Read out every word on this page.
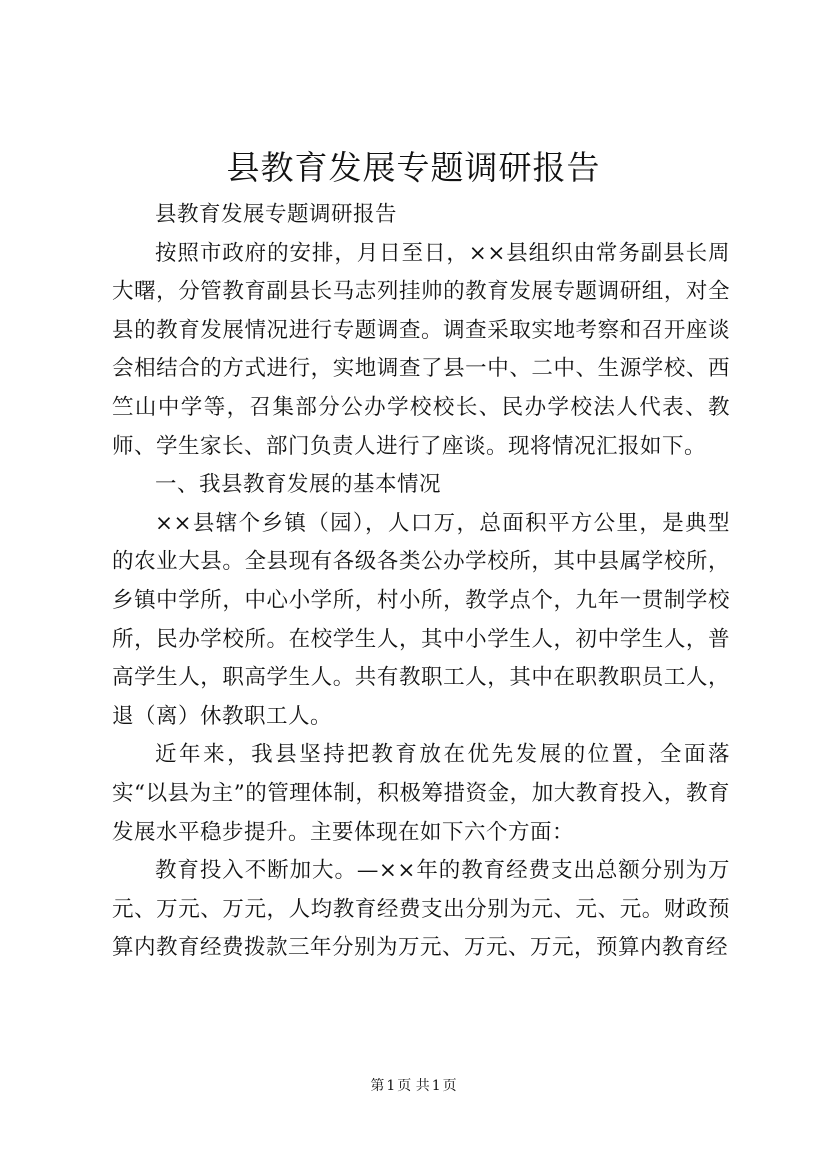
县教育发展专题调研报告

县教育发展专题调研报告

按照市政府的安排，月日至日，××县组织由常务副县长周大曙，分管教育副县长马志列挂帅的教育发展专题调研组，对全县的教育发展情况进行专题调查。调查采取实地考察和召开座谈会相结合的方式进行，实地调查了县一中、二中、生源学校、西竺山中学等，召集部分公办学校校长、民办学校法人代表、教师、学生家长、部门负责人进行了座谈。现将情况汇报如下。

一、我县教育发展的基本情况

××县辖个乡镇（园），人口万，总面积平方公里，是典型的农业大县。全县现有各级各类公办学校所，其中县属学校所，乡镇中学所，中心小学所，村小所，教学点个，九年一贯制学校所，民办学校所。在校学生人，其中小学生人，初中学生人，普高学生人，职高学生人。共有教职工人，其中在职教职员工人，退（离）休教职工人。

近年来，我县坚持把教育放在优先发展的位置，全面落实“以县为主”的管理体制，积极筹措资金，加大教育投入，教育发展水平稳步提升。主要体现在如下六个方面：

教育投入不断加大。—××年的教育经费支出总额分别为万元、万元、万元，人均教育经费支出分别为元、元、元。财政预算内教育经费拨款三年分别为万元、万元、万元，预算内教育经

第 1 页 共 1 页
